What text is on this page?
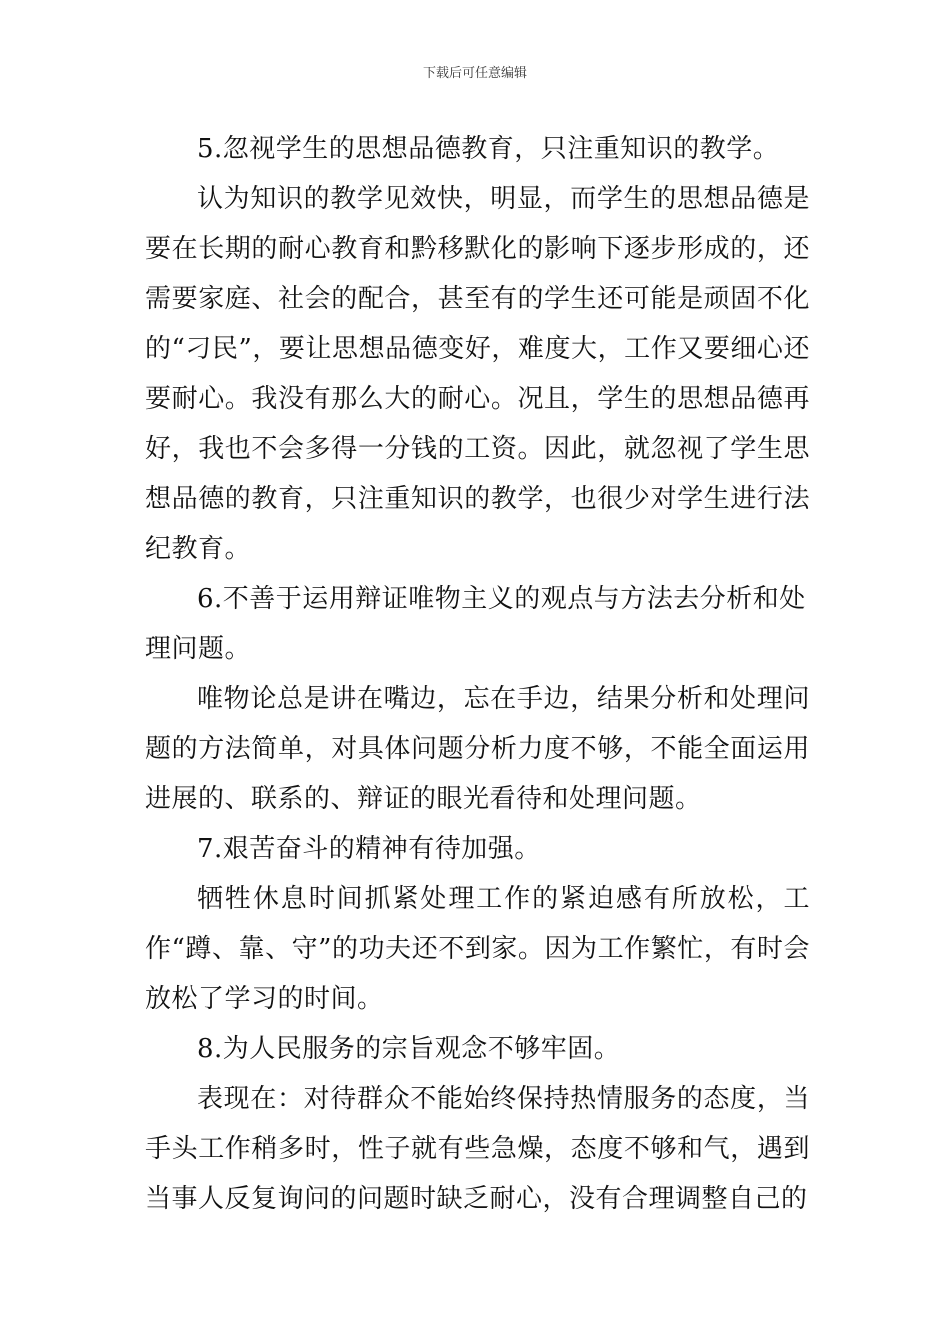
下载后可任意编辑

5.忽视学生的思想品德教育，只注重知识的教学。

认为知识的教学见效快，明显，而学生的思想品德是要在长期的耐心教育和黔移默化的影响下逐步形成的，还需要家庭、社会的配合，甚至有的学生还可能是顽固不化的“刁民”，要让思想品德变好，难度大，工作又要细心还要耐心。我没有那么大的耐心。况且，学生的思想品德再好，我也不会多得一分钱的工资。因此，就忽视了学生思想品德的教育，只注重知识的教学，也很少对学生进行法纪教育。

6.不善于运用辩证唯物主义的观点与方法去分析和处理问题。

唯物论总是讲在嘴边，忘在手边，结果分析和处理问题的方法简单，对具体问题分析力度不够，不能全面运用进展的、联系的、辩证的眼光看待和处理问题。

7.艰苦奋斗的精神有待加强。

牺牲休息时间抓紧处理工作的紧迫感有所放松，工作“蹲、靠、守”的功夫还不到家。因为工作繁忙，有时会放松了学习的时间。

8.为人民服务的宗旨观念不够牢固。

表现在：对待群众不能始终保持热情服务的态度，当手头工作稍多时，性子就有些急燥，态度不够和气，遇到当事人反复询问的问题时缺乏耐心，没有合理调整自己的
